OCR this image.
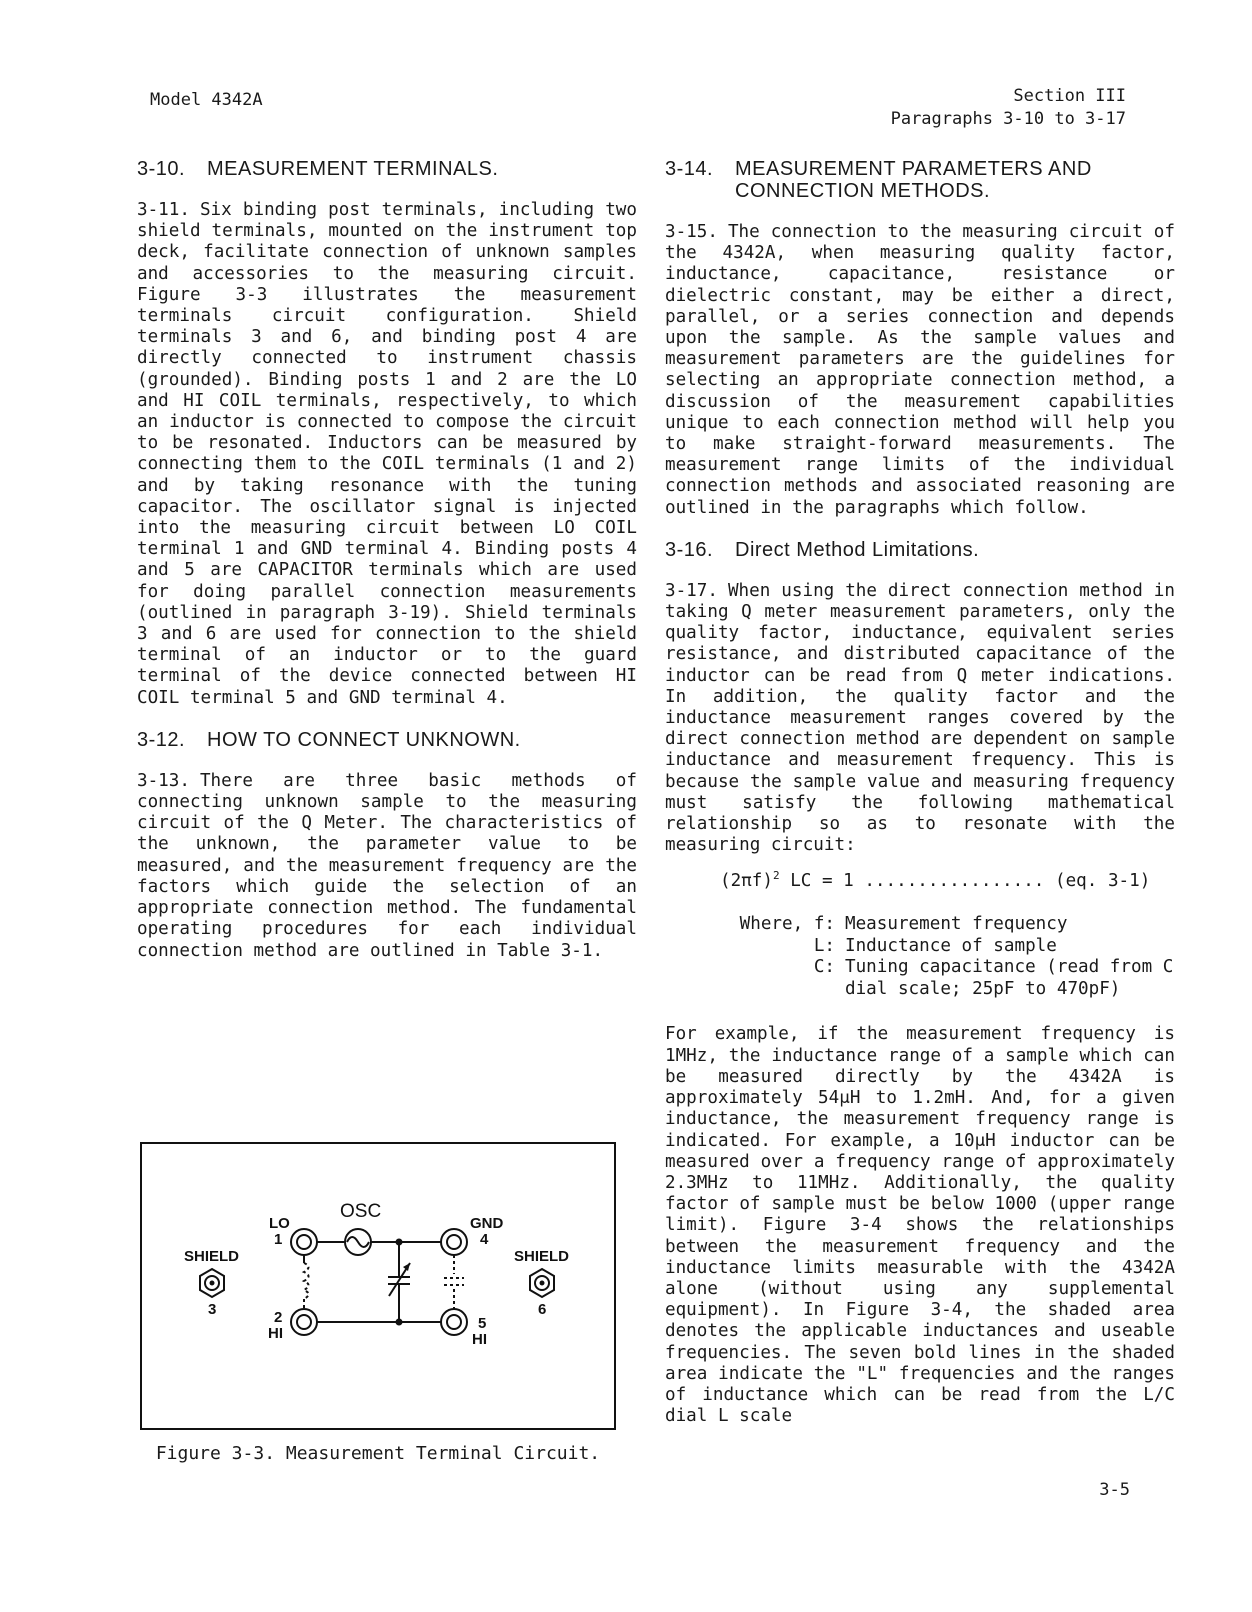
Model 4342A	Section III
Paragraphs 3-10 to 3-17
3-10.	MEASUREMENT TERMINALS.

3-11. Six binding post terminals, including two shield terminals, mounted on the instrument top deck, facilitate connection of unknown samples and accessories to the measuring circuit. Figure 3-3 illustrates the measurement terminals circuit configuration. Shield terminals 3 and 6, and binding post 4 are directly connected to instrument chassis (grounded). Binding posts 1 and 2 are the LO and HI COIL terminals, respectively, to which an inductor is connected to compose the circuit to be resonated. Inductors can be measured by connecting them to the COIL terminals (1 and 2) and by taking resonance with the tuning capacitor. The oscillator signal is injected into the measuring circuit between LO COIL terminal 1 and GND terminal 4. Binding posts 4 and 5 are CAPACITOR terminals which are used for doing parallel connection measurements (outlined in paragraph 3-19). Shield terminals 3 and 6 are used for connection to the shield terminal of an inductor or to the guard terminal of the device connected between HI COIL terminal 5 and GND terminal 4.

3-12.	HOW TO CONNECT UNKNOWN.

3-13. There are three basic methods of connecting unknown sample to the measuring circuit of the Q Meter. The characteristics of the unknown, the parameter value to be measured, and the measurement frequency are the factors which guide the selection of an appropriate connection method. The fundamental operating procedures for each individual connection method are outlined in Table 3-1.

SHIELD
3
LO
1
OSC
GND
4
2
HI
5
HI
SHIELD
6
Figure 3-3. Measurement Terminal Circuit.
3-14.	MEASUREMENT PARAMETERS AND CONNECTION METHODS.

3-15. The connection to the measuring circuit of the 4342A, when measuring quality factor, inductance, capacitance, resistance or dielectric constant, may be either a direct, parallel, or a series connection and depends upon the sample. As the sample values and measurement parameters are the guidelines for selecting an appropriate connection method, a discussion of the measurement capabilities unique to each connection method will help you to make straight-forward measurements. The measurement range limits of the individual connection methods and associated reasoning are outlined in the paragraphs which follow.

3-16.	Direct Method Limitations.

3-17. When using the direct connection method in taking Q meter measurement parameters, only the quality factor, inductance, equivalent series resistance, and distributed capacitance of the inductor can be read from Q meter indications. In addition, the quality factor and the inductance measurement ranges covered by the direct connection method are dependent on sample inductance and measurement frequency. This is because the sample value and measuring frequency must satisfy the following mathematical relationship so as to resonate with the measuring circuit:

$(2\pi f)^2$ LC = 1 ................. (eq. 3-1)
Where, f: Measurement frequency
L: Inductance of sample
C: Tuning capacitance (read from C dial scale; 25pF to 470pF)

For example, if the measurement frequency is 1MHz, the inductance range of a sample which can be measured directly by the 4342A is approximately 54μH to 1.2mH. And, for a given inductance, the measurement frequency range is indicated. For example, a 10μH inductor can be measured over a frequency range of approximately 2.3MHz to 11MHz. Additionally, the quality factor of sample must be below 1000 (upper range limit). Figure 3-4 shows the relationships between the measurement frequency and the inductance limits measurable with the 4342A alone (without using any supplemental equipment). In Figure 3-4, the shaded area denotes the applicable inductances and useable frequencies. The seven bold lines in the shaded area indicate the "L" frequencies and the ranges of inductance which can be read from the L/C dial L scale

3-5
